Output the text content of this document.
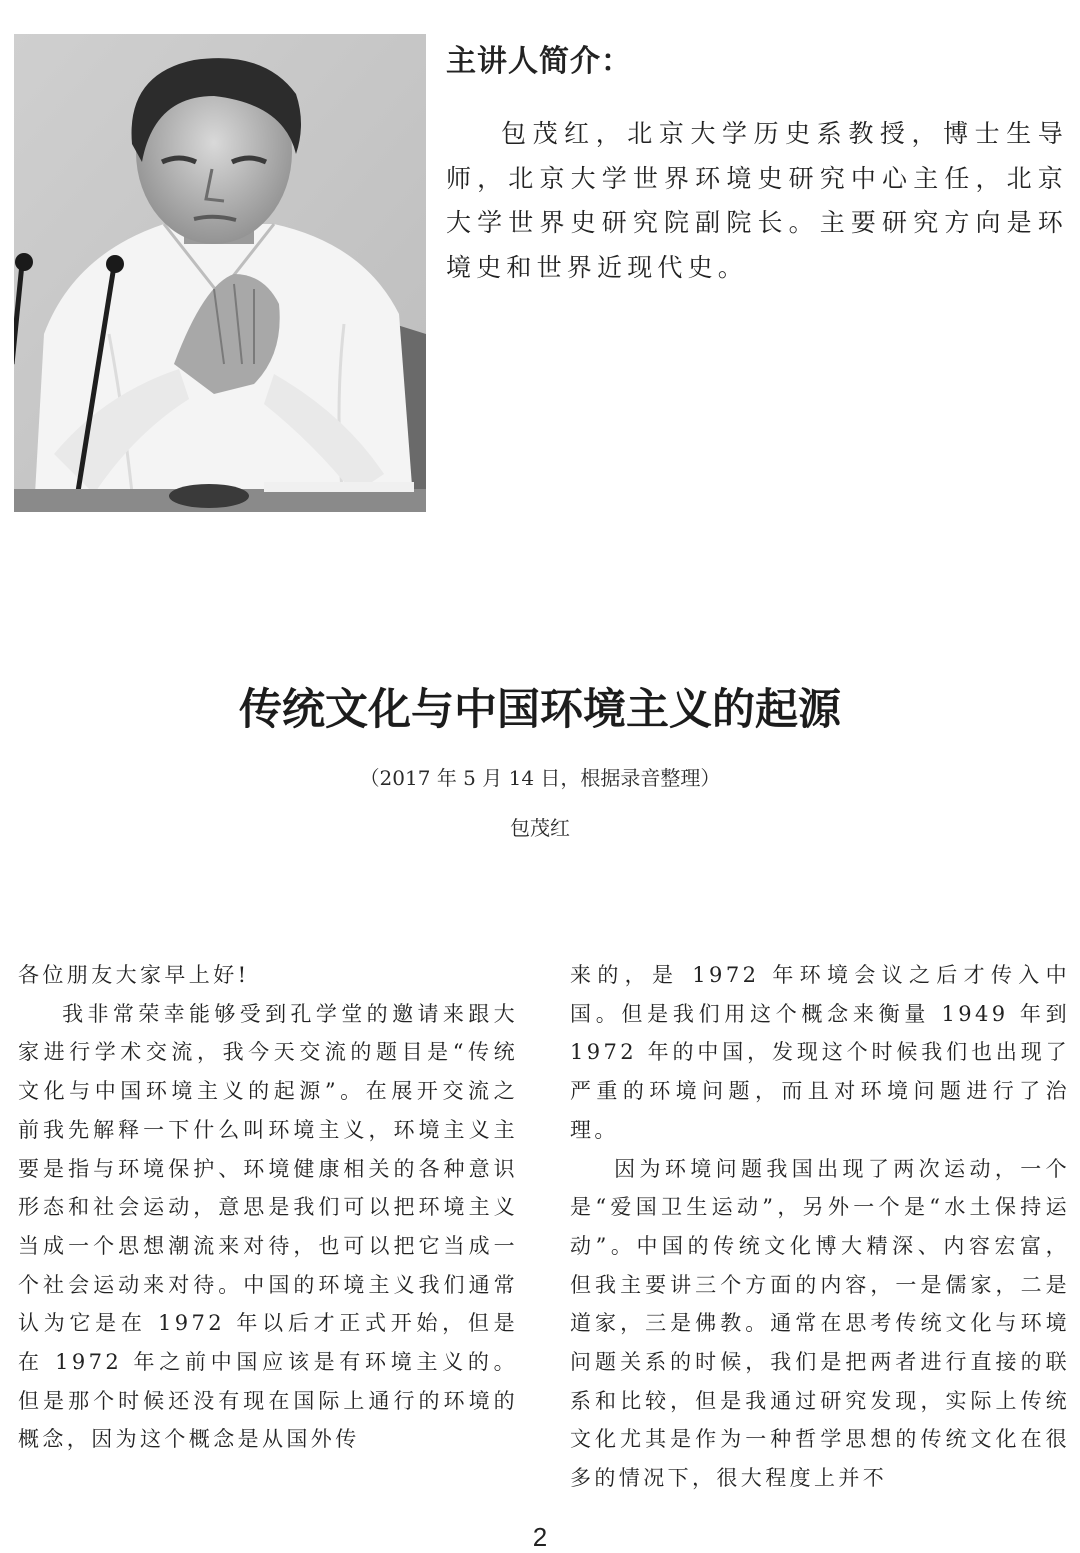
主讲人简介：
包茂红，北京大学历史系教授，博士生导师，北京大学世界环境史研究中心主任，北京大学世界史研究院副院长。主要研究方向是环境史和世界近现代史。
传统文化与中国环境主义的起源
（2017 年 5 月 14 日，根据录音整理）
包茂红

各位朋友大家早上好!

我非常荣幸能够受到孔学堂的邀请来跟大家进行学术交流，我今天交流的题目是“传统文化与中国环境主义的起源”。在展开交流之前我先解释一下什么叫环境主义，环境主义主要是指与环境保护、环境健康相关的各种意识形态和社会运动，意思是我们可以把环境主义当成一个思想潮流来对待，也可以把它当成一个社会运动来对待。中国的环境主义我们通常认为它是在 1972 年以后才正式开始，但是在 1972 年之前中国应该是有环境主义的。但是那个时候还没有现在国际上通行的环境的概念，因为这个概念是从国外传

来的，是 1972 年环境会议之后才传入中国。但是我们用这个概念来衡量 1949 年到 1972 年的中国，发现这个时候我们也出现了严重的环境问题，而且对环境问题进行了治理。

因为环境问题我国出现了两次运动，一个是“爱国卫生运动”，另外一个是“水土保持运动”。中国的传统文化博大精深、内容宏富，但我主要讲三个方面的内容，一是儒家，二是道家，三是佛教。通常在思考传统文化与环境问题关系的时候，我们是把两者进行直接的联系和比较，但是我通过研究发现，实际上传统文化尤其是作为一种哲学思想的传统文化在很多的情况下，很大程度上并不

2
